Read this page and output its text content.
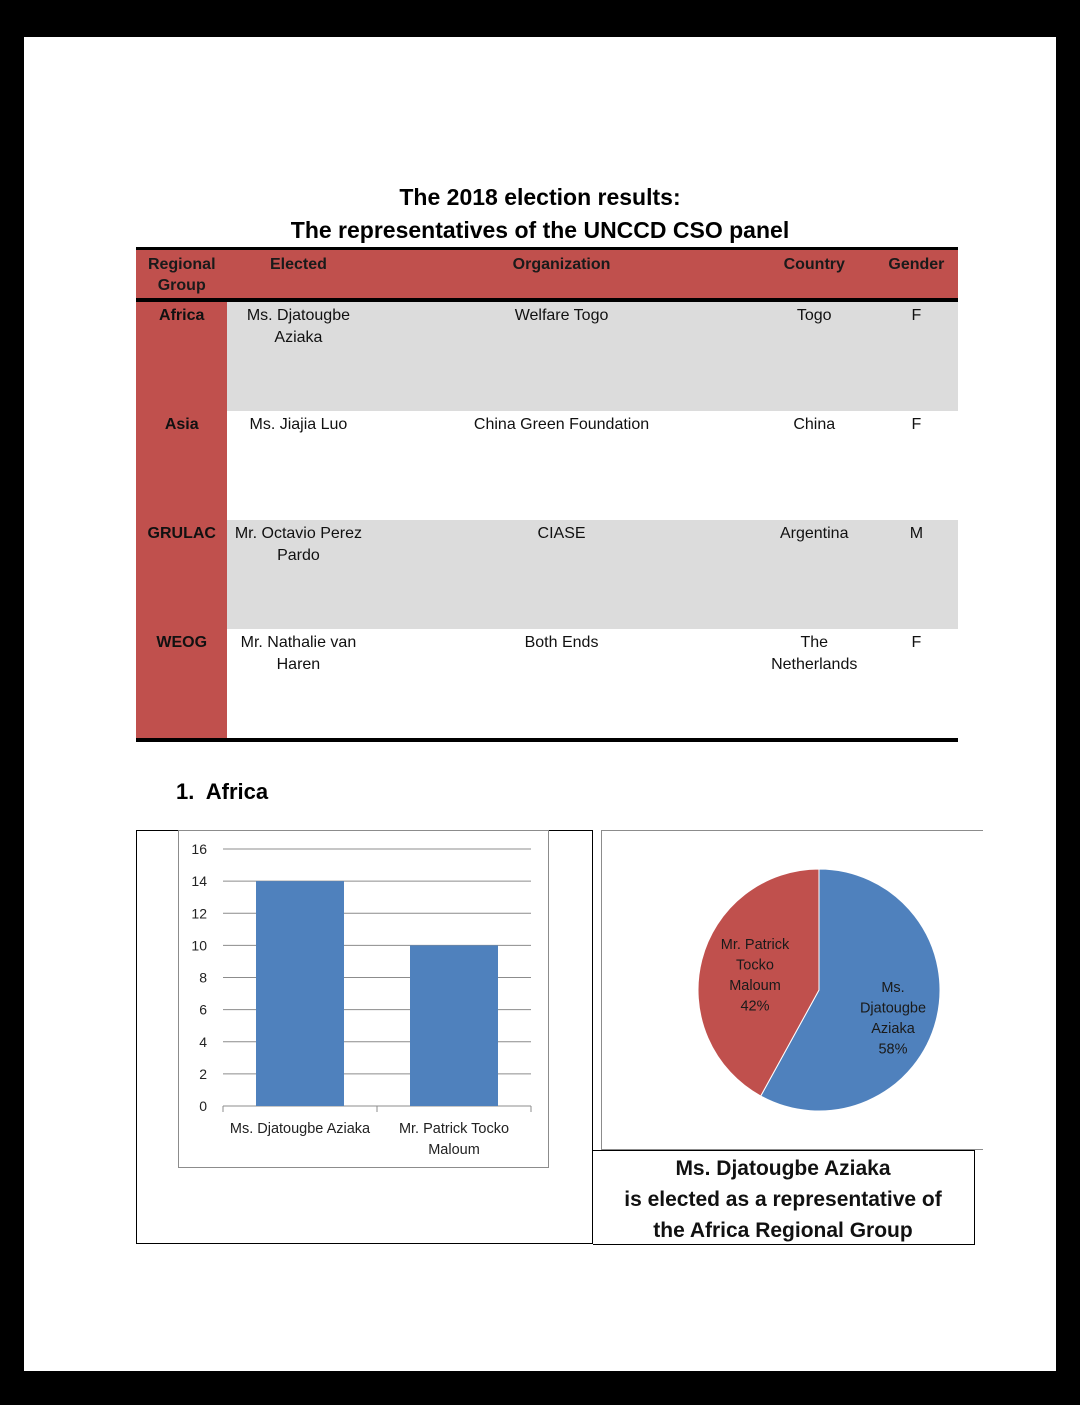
The 2018 election results:
The representatives of the UNCCD CSO panel
Regional Group	Elected	Organization	Country	Gender
Africa	Ms. Djatougbe Aziaka	Welfare Togo	Togo	F
Asia	Ms. Jiajia Luo	China Green Foundation	China	F
GRULAC	Mr. Octavio Perez Pardo	CIASE	Argentina	M
WEOG	Mr. Nathalie van Haren	Both Ends	The Netherlands	F
1. Africa
0
2
4
6
8
10
12
14
16
Ms. Djatougbe Aziaka Mr. Patrick Tocko
Maloum
Ms.
Djatougbe
Aziaka
58%
Mr. Patrick
Tocko
Maloum
42%
Ms. Djatougbe Aziaka
is elected as a representative of
the Africa Regional Group
